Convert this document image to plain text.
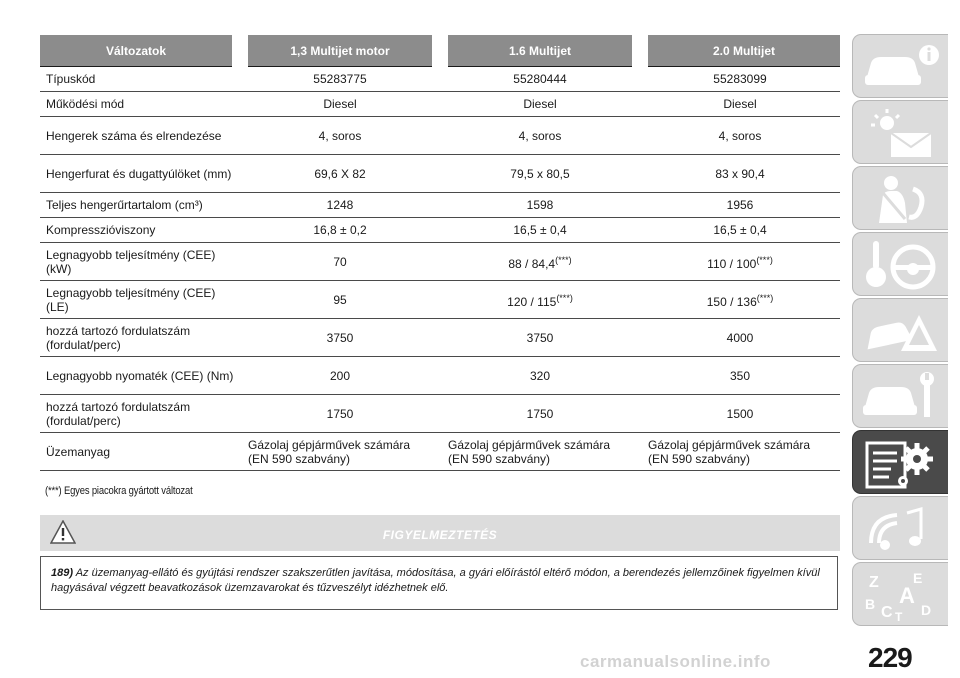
Változatok	1,3 Multijet motor	1.6 Multijet	2.0 Multijet
Típuskód	55283775	55280444	55283099
Működési mód	Diesel	Diesel	Diesel
Hengerek száma és elrendezése	4, soros	4, soros	4, soros
Hengerfurat és dugattyúlöket (mm)	69,6 X 82	79,5 x 80,5	83 x 90,4
Teljes hengerűrtartalom (cm³)	1248	1598	1956
Kompresszióviszony	16,8 ± 0,2	16,5 ± 0,4	16,5 ± 0,4
Legnagyobb teljesítmény (CEE) (kW)	70	88 / 84,4(***)	110 / 100(***)
Legnagyobb teljesítmény (CEE) (LE)	95	120 / 115(***)	150 / 136(***)
hozzá tartozó fordulatszám (fordulat/perc)	3750	3750	4000
Legnagyobb nyomaték (CEE) (Nm)	200	320	350
hozzá tartozó fordulatszám (fordulat/perc)	1750	1750	1500
Üzemanyag	Gázolaj gépjárművek számára (EN 590 szabvány)	Gázolaj gépjárművek számára (EN 590 szabvány)	Gázolaj gépjárművek számára (EN 590 szabvány)
(***) Egyes piacokra gyártott változat
FIGYELMEZTETÉS
189) Az üzemanyag-ellátó és gyújtási rendszer szakszerűtlen javítása, módosítása, a gyári előírástól eltérő módon, a berendezés jellemzőinek figyelmen kívül hagyásával végzett beavatkozások üzemzavarokat és tűzveszélyt idézhetnek elő.	Z E
A
B	D
C T
carmanualsonline.info	229
